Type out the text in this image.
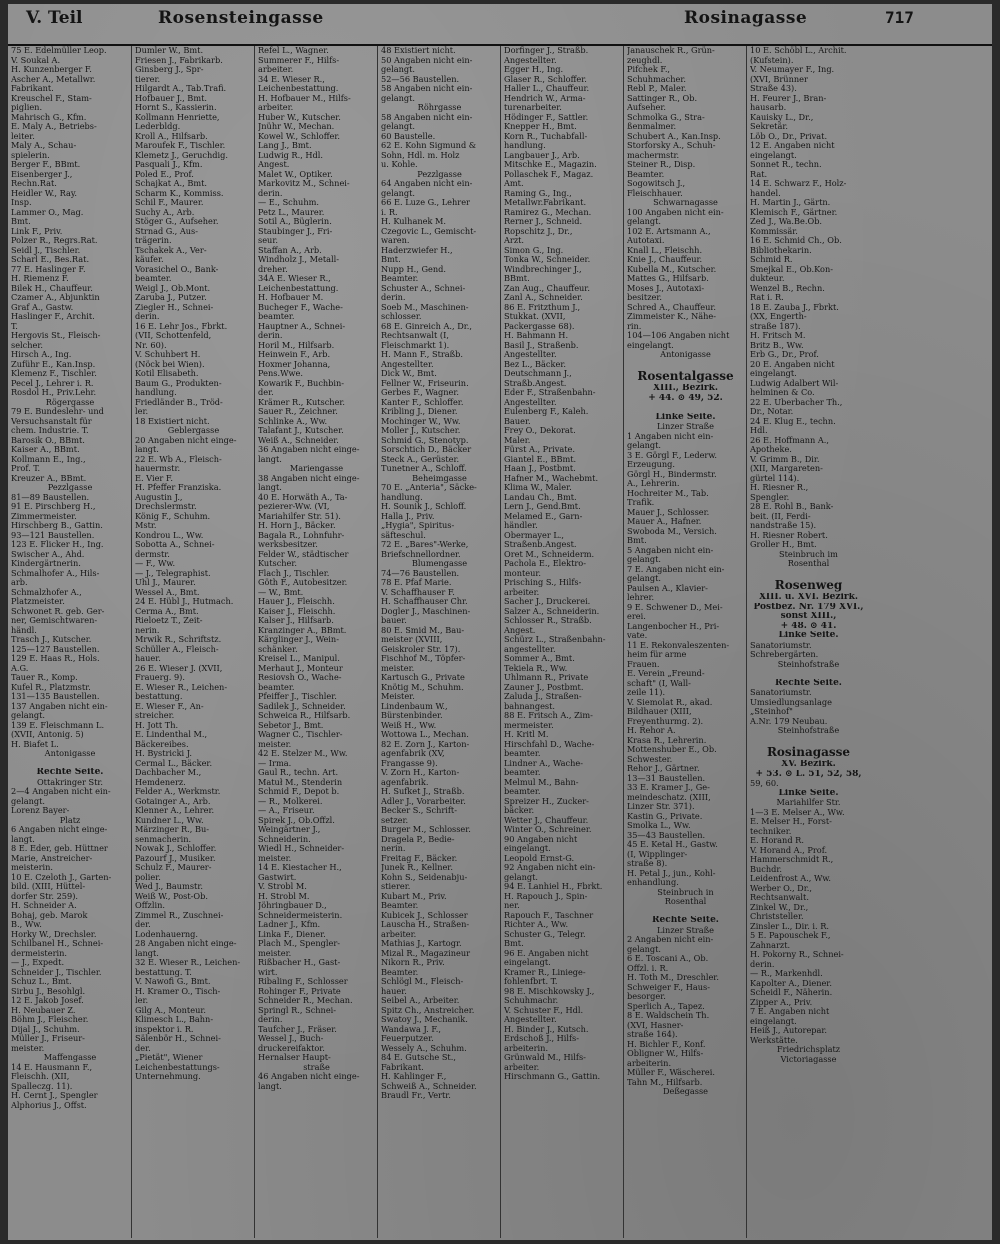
V. Teil	Rosensteingasse	Rosinagasse	717
75 E. Edelmüller Leop.
V. Soukal A.
H. Kunzenberger F.
Ascher A., Metallwr.
Fabrikant.
Kreuschel F., Stam-
piglien.
Mahrisch G., Kfm.
E. Maly A., Betriebs-
leiter.
Maly A., Schau-
spielerin.
Berger F., BBmt.
Eisenberger J.,
Rechn.Rat.
Heidler W., Ray.
Insp.
Lammer O., Mag.
Bmt.
Link F., Priv.
Polzer R., Regrs.Rat.
Seidl J., Tischler.
Scharl E., Bes.Rat.
77 E. Haslinger F.
H. Riemenz F.
Bilek H., Chauffeur.
Czamer A., Abjunktin
Graf A., Gastw.
Haslinger F., Archit.
T.
Hergovis St., Fleisch-
selcher.
Hirsch A., Ing.
Zuführ E., Kan.Insp.
Klemenz F., Tischler.
Pecel J., Lehrer i. R.
Rosdol H., Priv.Lehr.
Rögergasse
79 E. Bundeslehr- und
Versuchsanstalt für
chem. Industrie. T.
Barosik O., BBmt.
Kaiser A., BBmt.
Kollmann E., Ing.,
Prof. T.
Kreuzer A., BBmt.
Pezzlgasse
81—89 Baustellen.
91 E. Pirschberg H.,
Zimmermeister.
Hirschberg B., Gattin.
93—121 Baustellen.
123 E. Flicker H., Ing.
Swischer A., Ahd.
Kindergärtnerin.
Schmalhofer A., Hils-
arb.
Schmalzhofer A.,
Platzmeister.
Schwonet R. geb. Ger-
ner, Gemischtwaren-
händl.
Trasch J., Kutscher.
125—127 Baustellen.
129 E. Haas R., Hols.
A.G.
Tauer R., Komp.
Kufel R., Platzmstr.
131—135 Baustellen.
137 Angaben nicht ein-
gelangt.
139 E. Fleischmann L.
(XVII, Antonig. 5)
H. Biafet L.
Antonigasse

Rechte Seite.
Ottakringer Str.
2—4 Angaben nicht ein-
gelangt.
Lorenz Bayer-
Platz
6 Angaben nicht einge-
langt.
8 E. Eder, geb. Hüttner
Marie, Anstreicher-
meisterin.
10 E. Czeloth J., Garten-
bild. (XIII, Hüttel-
dorfer Str. 259).
H. Schneider A.
Bohaj, geb. Marok
B., Ww.
Horky W., Drechsler.
Schilbanel H., Schnei-
dermeisterin.
— J., Expedt.
Schneider J., Tischler.
Schuz L., Bmt.
Sirbu J., Besohlgl.
12 E. Jakob Josef.
H. Neubauer Z.
Böhm J., Fleischer.
Dijal J., Schuhm.
Müller J., Friseur-
meister.
Maffengasse
14 E. Hausmann F.,
Fleischh. (XII,
Spalleczg. 11).
H. Cernt J., Spengler
Alphorius J., Offst.
Dumler W., Bmt.
Friesen J., Fabrikarb.
Ginsberg J., Spr-
tierer.
Hilgardt A., Tab.Trafi.
Hofbauer J., Bmt.
Hornt S., Kassierin.
Kollmann Henriette,
Lederbldg.
Kroll A., Hilfsarb.
Maroufek F., Tischler.
Klemetz J., Geruchdig.
Pasquali J., Kfm.
Poled E., Prof.
Schajkat A., Bmt.
Scharm K., Kommiss.
Schil F., Maurer.
Suchy A., Arb.
Stöger G., Aufseher.
Strnad G., Aus-
trägerin.
Tschakek A., Ver-
käufer.
Vorasichel O., Bank-
beamter.
Weigl J., Ob.Mont.
Zaruba J., Putzer.
Ziegler H., Schnei-
derin.
16 E. Lehr Jos., Fbrkt.
(VII, Schottenfeld,
Nr. 60).
V. Schuhbert H.
(Nöck bei Wien).
Kotil Elisabeth.
Baum G., Produkten-
handlung.
Friedländer B., Tröd-
ler.
18 Existiert nicht.
Geblergasse
20 Angaben nicht einge-
langt.
22 E. Wb A., Fleisch-
hauermstr.
E. Vier F.
H. Pfeffer Franziska.
Augustin J.,
Drechslermstr.
König F., Schuhm.
Mstr.
Kondrou L., Ww.
Sobotta A., Schnei-
dermstr.
— F., Ww.
— J., Telegraphist.
Uhl J., Maurer.
Wessel A., Bmt.
24 E. Hübl J., Hutmach.
Cerma A., Bmt.
Rieloetz T., Zeit-
nerin.
Mrwik R., Schriftstz.
Schüller A., Fleisch-
hauer.
26 E. Wieser J. (XVII,
Frauerg. 9).
E. Wieser R., Leichen-
bestattung.
E. Wieser F., An-
streicher.
H. Jott Th.
E. Lindenthal M.,
Bäckereibes.
H. Bystricki J.
Cermal L., Bäcker.
Dachbacher M.,
Hemdenerz.
Felder A., Werkmstr.
Gotainger A., Arb.
Klenner A., Lehrer.
Kundner L., Ww.
Märzinger R., Bu-
senmacherin.
Nowak J., Schloffer.
Pazourf J., Musiker.
Schulz F., Maurer-
polier.
Wed J., Baumstr.
Weiß W., Post-Ob.
Offzlin.
Zimmel R., Zuschnei-
der.
Lodenhauerng.
28 Angaben nicht einge-
langt.
32 E. Wieser R., Leichen-
bestattung. T.
V. Nawofi G., Bmt.
H. Kramer O., Tisch-
ler.
Gilg A., Monteur.
Klimesch L., Bahn-
inspektor i. R.
Sälenbör H., Schnei-
der.
„Pietät", Wiener
Leichenbestattungs-
Unternehmung.
Refel L., Wagner.
Summerer F., Hilfs-
arbeiter.
34 E. Wieser R.,
Leichenbestattung.
H. Hofbauer M., Hilfs-
arbeiter.
Huber W., Kutscher.
Jnühr W., Mechan.
Kowel W., Schloffer.
Lang J., Bmt.
Ludwig R., Hdl.
Angest.
Malet W., Optiker.
Markovitz M., Schnei-
derin.
— E., Schuhm.
Petz L., Maurer.
Sotil A., Büglerin.
Staubinger J., Fri-
seur.
Staffan A., Arb.
Windholz J., Metall-
dreher.
34A E. Wieser R.,
Leichenbestattung.
H. Hofbauer M.
Bucheger F., Wache-
beamter.
Hauptner A., Schnei-
derin.
Horil M., Hilfsarb.
Heinwein F., Arb.
Hoxmer Johanna,
Pens.Wwe.
Kowarik F., Buchbin-
der.
Krämer R., Kutscher.
Sauer R., Zeichner.
Schlinke A., Ww.
Talafant J., Kutscher.
Weiß A., Schneider.
36 Angaben nicht einge-
langt.
Mariengasse
38 Angaben nicht einge-
langt.
40 E. Horwäth A., Ta-
pezierer-Ww. (VI,
Mariahilfer Str. 51).
H. Horn J., Bäcker.
Bagala R., Lohnfuhr-
werksbesitzer.
Felder W., städtischer
Kutscher.
Flach J., Tischler.
Göth F., Autobesitzer.
— W., Bmt.
Hauer J., Fleischh.
Kaiser J., Fleischh.
Kalser J., Hilfsarb.
Kranzinger A., BBmt.
Kärglinger J., Wein-
schänker.
Kreisel L., Manipul.
Merhaut J., Monteur
Resiovsh O., Wache-
beamter.
Pfeiffer J., Tischler.
Sadilek J., Schneider.
Schweica R., Hilfsarb.
Sebetor J., Bmt.
Wagner C., Tischler-
meister.
42 E. Stelzer M., Ww.
— Irma.
Gaul R., techn. Art.
Matuł M., Stenderin
Schmid F., Depot b.
— R., Molkerei.
— A., Friseur.
Spirek J., Ob.Offzl.
Weingärtner J.,
Schneiderin.
Wiedl H., Schneider-
meister.
14 E. Kiestacher H.,
Gastwirt.
V. Strobl M.
H. Strobl M.
Jöhringbauer D.,
Schneidermeisterin.
Ladner J., Kfm.
Linka F., Diener.
Plach M., Spengler-
meister.
Rißbacher H., Gast-
wirt.
Ribaling F., Schlosser
Rohinger F., Private
Schneider R., Mechan.
Springl R., Schnei-
derin.
Taufcher J., Fräser.
Wessel J., Buch-
druckereifaktor.
Hernalser Haupt-
straße
46 Angaben nicht einge-
langt.
48 Existiert nicht.
50 Angaben nicht ein-
gelangt.
52—56 Baustellen.
58 Angaben nicht ein-
gelangt.
Röhrgasse
58 Angaben nicht ein-
gelangt.
60 Baustelle.
62 E. Kohn Sigmund &
Sohn, Hdl. m. Holz
u. Kohle.
Pezzlgasse
64 Angaben nicht ein-
gelangt.
66 E. Luze G., Lehrer
i. R.
H. Kulhanek M.
Czegovic L., Gemischt-
waren.
Haderzwiefer H.,
Bmt.
Nupp H., Gend.
Beamter.
Schuster A., Schnei-
derin.
Soeb M., Maschinen-
schlosser.
68 E. Ginreich A., Dr.,
Rechtsanwalt (I,
Fleischmarkt 1).
H. Mann F., Straßb.
Angestellter.
Dick W., Bmt.
Fellner W., Friseurin.
Gerbes F., Wagner.
Kanter F., Schloffer.
Kribling J., Diener.
Mochinger W., Ww.
Moller J., Kutscher.
Schmid G., Stenotyp.
Sorschtich D., Bäcker
Steck A., Gerüster.
Tunetner A., Schloff.
Beheimgasse
70 E. „Anteria", Säcke-
handlung.
H. Sounik J., Schloff.
Halla J., Priv.
„Hygia", Spiritus-
säfteschul.
72 E. „Bares"-Werke,
Briefschnellordner.
Blumengasse
74—76 Baustellen.
78 E. Pfaf Marie.
V. Schaffhauser F.
H. Schaffhauser Chr.
Dogler J., Maschinen-
bauer.
80 E. Smid M., Bau-
meister (XVIII,
Geiskroler Str. 17).
Fischhof M., Töpfer-
meister.
Kartusch G., Private
Knötig M., Schuhm.
Meister.
Lindenbaum W.,
Bürstenbinder.
Weiß H., Ww.
Wottowa L., Mechan.
82 E. Zorn J., Karton-
agenfabrik (XV,
Frangasse 9).
V. Zorn H., Karton-
agenfabrik.
H. Sufket J., Straßb.
Adler J., Vorarbeiter.
Becker S., Schrift-
setzer.
Burger M., Schlosser.
Dragela P., Bedie-
nerin.
Freitag F., Bäcker.
Junek R., Kellner.
Kohn S., Seidenabju-
stierer.
Kubart M., Priv.
Beamter.
Kubicek J., Schlosser
Lauscha H., Straßen-
arbeiter.
Mathias J., Kartogr.
Mizal R., Magazineur
Nikorn R., Priv.
Beamter.
Schlögl M., Fleisch-
hauer.
Seibel A., Arbeiter.
Spitz Ch., Anstreicher.
Swatoy J., Mechanik.
Wandawa J. F.,
Feuerputzer.
Wessely A., Schuhm.
84 E. Gutsche St.,
Fabrikant.
H. Kahlinger F.,
Schweiß A., Schneider.
Braudl Fr., Vertr.
Dorfinger J., Straßb.
Angestellter.
Egger H., Ing.
Glaser R., Schloffer.
Haller L., Chauffeur.
Hendrich W., Arma-
turenarbeiter.
Hödinger F., Sattler.
Knepper H., Bmt.
Korn R., Tuchabfall-
handlung.
Langbauer J., Arb.
Mitschke E., Magazin.
Pollaschek F., Magaz.
Amt.
Raming G., Ing.,
Metallwr.Fabrikant.
Ramirez G., Mechan.
Rerner J., Schneid.
Ropschitz J., Dr.,
Arzt.
Simon G., Ing.
Tonka W., Schneider.
Windbrechinger J.,
BBmt.
Zan Aug., Chauffeur.
Zanl A., Schneider.
86 E. Fritzthum J.,
Stukkat. (XVII,
Packergasse 68).
H. Bahmann H.
Basil J., Straßenb.
Angestellter.
Bez L., Bäcker.
Deutschmann J.,
Straßb.Angest.
Eder F., Straßenbahn-
Angestellter.
Eulenberg F., Kaleh.
Bauer.
Frey O., Dekorat.
Maler.
Fürst A., Private.
Giantel E., BBmt.
Haan J., Postbmt.
Hafner M., Wachebmt.
Klima W., Maler.
Landau Ch., Bmt.
Lern J., Gend.Bmt.
Melamed E., Garn-
händler.
Obermayer L.,
Straßenb.Angest.
Oret M., Schneiderm.
Pachola E., Elektro-
monteur.
Prisching S., Hilfs-
arbeiter.
Sacher J., Druckerei.
Salzer A., Schneiderin.
Schlosser R., Straßb.
Angest.
Schürz L., Straßenbahn-
angestellter.
Sommer A., Bmt.
Tekiela R., Ww.
Uhlmann R., Private
Zauner J., Postbmt.
Zaluda J., Straßen-
bahnangest.
88 E. Fritsch A., Zim-
mermeister.
H. Kritl M.
Hirschfahl D., Wache-
beamter.
Lindner A., Wache-
beamter.
Melmul M., Bahn-
beamter.
Spreizer H., Zucker-
bäcker.
Wetter J., Chauffeur.
Winter O., Schreiner.
90 Angaben nicht
eingelangt.
Leopold Ernst-G.
92 Angaben nicht ein-
gelangt.
94 E. Lanhiel H., Fbrkt.
H. Rapouch J., Spin-
ner.
Rapouch F., Taschner
Richter A., Ww.
Schuster G., Telegr.
Bmt.
96 E. Angaben nicht
eingelangt.
Kramer R., Liniege-
fohlenfbrt. T.
98 E. Mischkowsky J.,
Schuhmachr.
V. Schuster F., Hdl.
Angestellter.
H. Binder J., Kutsch.
Erdschoß J., Hilfs-
arbeiterin.
Grünwald M., Hilfs-
arbeiter.
Hirschmann G., Gattin.
Janauschek R., Grün-
zeughdl.
Pifchek F.,
Schuhmacher.
Rebl P., Maler.
Sattinger R., Ob.
Aufseher.
Schmolka G., Stra-
ßenmalmer.
Schubert A., Kan.Insp.
Storforsky A., Schuh-
machermstr.
Steiner R., Disp.
Beamter.
Sogowitsch J.,
Fleischhauer.
Schwarnagasse
100 Angaben nicht ein-
gelangt.
102 E. Artsmann A.,
Autotaxi.
Knall L., Fleischh.
Knie J., Chauffeur.
Kubella M., Kutscher.
Mattes G., Hilfsarb.
Moses J., Autotaxi-
besitzer.
Schred A., Chauffeur.
Zimmeister K., Nähe-
rin.
104—106 Angaben nicht
eingelangt.
Antonigasse

Rosentalgasse
XIII., Bezirk.
+ 44. ⊙ 49, 52.

Linke Seite.
Linzer Straße
1 Angaben nicht ein-
gelangt.
3 E. Görgl F., Lederw.
Erzeugung.
Görgl H., Bindermstr.
A., Lehrerin.
Hochreiter M., Tab.
Trafik.
Mauer J., Schlosser.
Mauer A., Hafner.
Swoboda M., Versich.
Bmt.
5 Angaben nicht ein-
gelangt.
7 E. Angaben nicht ein-
gelangt.
Paulsen A., Klavier-
lehrer.
9 E. Schwener D., Mei-
erei.
Langenbocher H., Pri-
vate.
11 E. Rekonvaleszenten-
heim für arme
Frauen.
E. Verein „Freund-
schaft" (I, Wall-
zeile 11).
V. Siemolat R., akad.
Bildhauer (XIII,
Freyenthurmg. 2).
H. Rehor A.
Krasa R., Lehrerin.
Mottenshuber E., Ob.
Schwester.
Rehor J., Gärtner.
13—31 Baustellen.
33 E. Kramer J., Ge-
meindeschatz. (XIII,
Linzer Str. 371).
Kastin G., Private.
Smolka L., Ww.
35—43 Baustellen.
45 E. Ketal H., Gastw.
(I, Wipplinger-
straße 8).
H. Petal J., jun., Kohl-
enhandlung.
Steinbruch in
Rosenthal

Rechte Seite.
Linzer Straße
2 Angaben nicht ein-
gelangt.
6 E. Toscani A., Ob.
Offzl. i. R.
H. Toth M., Dreschler.
Schweiger F., Haus-
besorger.
Sperlich A., Tapez.
8 E. Waldschein Th.
(XVI, Hasner-
straße 164).
H. Bichler F., Konf.
Obligner W., Hilfs-
arbeiterin.
Müller F., Wäscherei.
Tahn M., Hilfsarb.
Deßegasse
10 E. Schöbl L., Archit.
(Kufstein).
V. Neumayer F., Ing.
(XVI, Brünner
Straße 43).
H. Feurer J., Bran-
hausarb.
Kauisky L., Dr.,
Sekretär.
Löb O., Dr., Privat.
12 E. Angaben nicht
eingelangt.
Sonnet R., techn.
Rat.
14 E. Schwarz F., Holz-
handel.
H. Martin J., Gärtn.
Klemisch F., Gärtner.
Zed J., Wa.Be.Ob.
Kommissär.
16 E. Schmid Ch., Ob.
Bibliothekarin.
Schmid R.
Smejkal E., Ob.Kon-
dukteur.
Wenzel B., Rechn.
Rat i. R.
18 E. Zauba J., Fbrkt.
(XX, Engerth-
straße 187).
H. Fritsch M.
Britz B., Ww.
Erb G., Dr., Prof.
20 E. Angaben nicht
eingelangt.
Ludwig Adalbert Wil-
helminen & Co.
22 E. Überbacher Th.,
Dr., Notar.
24 E. Klug E., techn.
Hdl.
26 E. Hoffmann A.,
Apotheke.
V. Grimm B., Dir.
(XII, Margareten-
gürtel 114).
H. Riesner R.,
Spengler.
28 E. Rohl B., Bank-
beit. (II, Ferdi-
nandstraße 15).
H. Riesner Robert.
Groller H., Bmt.
Steinbruch im
Rosenthal

Rosenweg
XIII. u. XVI. Bezirk.
Postbez. Nr. 179 XVI.,
sonst XIII.,
+ 48. ⊙ 41.
Linke Seite.
Sanatoriumstr.
Schrebergärten.
Steinhofstraße

Rechte Seite.
Sanatoriumstr.
Umsiedlungsanlage
„Steinhof"
A.Nr. 179 Neubau.
Steinhofstraße

Rosinagasse
XV. Bezirk.
+ 53. ⊙ L. 51, 52, 58,
59, 60.
Linke Seite.
Mariahilfer Str.
1—3 E. Melser A., Ww.
E. Melser H., Forst-
techniker.
E. Horand R.
V. Horand A., Prof.
Hammerschmidt R.,
Buchdr.
Leidenfrost A., Ww.
Werber O., Dr.,
Rechtsanwalt.
Zinkel W., Dr.,
Christsteller.
Zinsler L., Dir. i. R.
5 E. Papouschek F.,
Zahnarzt.
H. Pokorny R., Schnei-
derin.
— R., Markenhdl.
Kapolter A., Diener.
Scheidl F., Näherin.
Zipper A., Priv.
7 E. Angaben nicht
eingelangt.
Heiß J., Autorepar.
Werkstätte.
Friedrichsplatz
Victoriagasse
